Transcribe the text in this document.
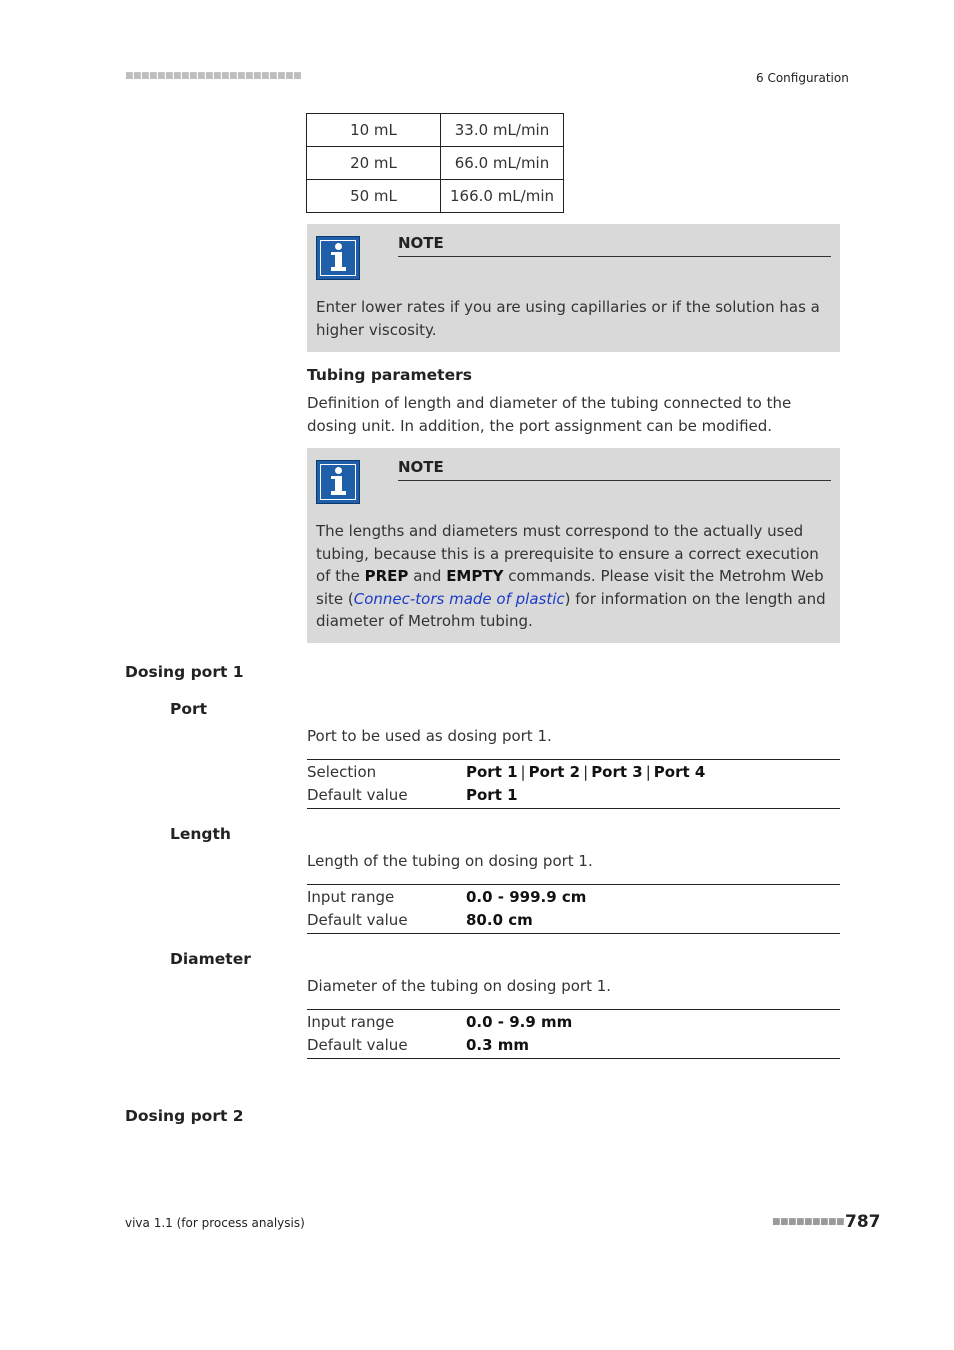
■■■■■■■■■■■■■■■■■■■■■■	6 Configuration
10 mL	33.0 mL/min
20 mL	66.0 mL/min
50 mL	166.0 mL/min
NOTE
Enter lower rates if you are using capillaries or if the solution has a higher viscosity.
Tubing parameters
Definition of length and diameter of the tubing connected to the dosing unit. In addition, the port assignment can be modified.
NOTE
The lengths and diameters must correspond to the actually used tubing, because this is a prerequisite to ensure a correct execution of the PREP and EMPTY commands. Please visit the Metrohm Web site (Connec-tors made of plastic) for information on the length and diameter of Metrohm tubing.
Dosing port 1
Port
Port to be used as dosing port 1.
Selection	Port 1 | Port 2 | Port 3 | Port 4
Default value	Port 1
Length
Length of the tubing on dosing port 1.
Input range	0.0 - 999.9 cm
Default value	80.0 cm
Diameter
Diameter of the tubing on dosing port 1.
Input range	0.0 - 9.9 mm
Default value	0.3 mm
Dosing port 2
viva 1.1 (for process analysis)	■■■■■■■■■ 787
